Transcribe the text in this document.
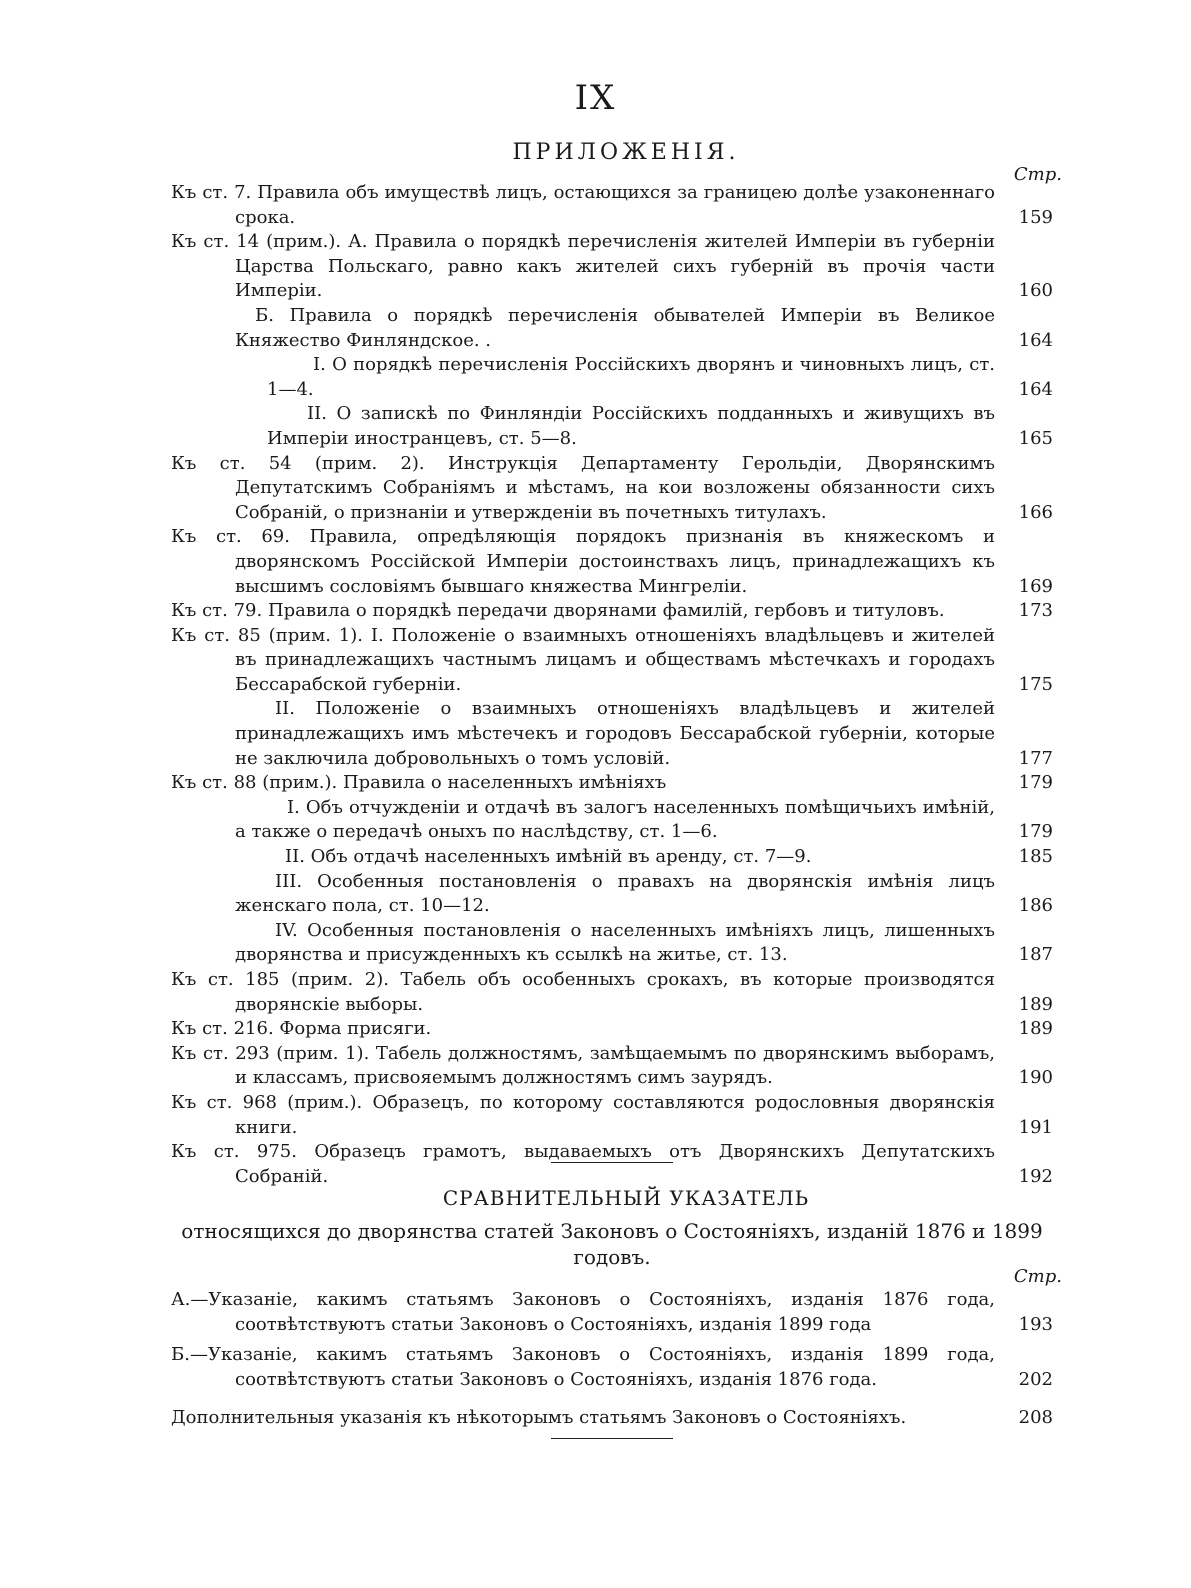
IX
ПРИЛОЖЕНІЯ.
Стр.
Къ ст. 7. Правила объ имуществѣ лицъ, остающихся за границею долѣе узаконеннаго срока.	159
Къ ст. 14 (прим.). А. Правила о порядкѣ перечисленія жителей Имперіи въ губерніи Царства Польскаго, равно какъ жителей сихъ губерній въ прочія части Имперіи.	160
Б. Правила о порядкѣ перечисленія обывателей Имперіи въ Великое Княжество Финляндское. .	164
I. О порядкѣ перечисленія Россійскихъ дворянъ и чиновныхъ лицъ, ст. 1—4.	164
II. О запискѣ по Финляндіи Россійскихъ подданныхъ и живущихъ въ Имперіи иностранцевъ, ст. 5—8.	165
Къ ст. 54 (прим. 2). Инструкція Департаменту Герольдіи, Дворянскимъ Депутатскимъ Собраніямъ и мѣстамъ, на кои возложены обязанности сихъ Собраній, о признаніи и утвержденіи въ почетныхъ титулахъ.	166
Къ ст. 69. Правила, опредѣляющія порядокъ признанія въ княжескомъ и дворянскомъ Россійской Имперіи достоинствахъ лицъ, принадлежащихъ къ высшимъ сословіямъ бывшаго княжества Мингреліи.	169
Къ ст. 79. Правила о порядкѣ передачи дворянами фамилій, гербовъ и титуловъ.	173
Къ ст. 85 (прим. 1). I. Положеніе о взаимныхъ отношеніяхъ владѣльцевъ и жителей въ принадлежащихъ частнымъ лицамъ и обществамъ мѣстечкахъ и городахъ Бессарабской губерніи.	175
II. Положеніе о взаимныхъ отношеніяхъ владѣльцевъ и жителей принадлежащихъ имъ мѣстечекъ и городовъ Бессарабской губерніи, которые не заключила добровольныхъ о томъ условій.	177
Къ ст. 88 (прим.). Правила о населенныхъ имѣніяхъ	179
I. Объ отчужденіи и отдачѣ въ залогъ населенныхъ помѣщичьихъ имѣній, а также о передачѣ оныхъ по наслѣдству, ст. 1—6.	179
II. Объ отдачѣ населенныхъ имѣній въ аренду, ст. 7—9.	185
III. Особенныя постановленія о правахъ на дворянскія имѣнія лицъ женскаго пола, ст. 10—12.	186
IV. Особенныя постановленія о населенныхъ имѣніяхъ лицъ, лишенныхъ дворянства и присужденныхъ къ ссылкѣ на житье, ст. 13.	187
Къ ст. 185 (прим. 2). Табель объ особенныхъ срокахъ, въ которые производятся дворянскіе выборы.	189
Къ ст. 216. Форма присяги.	189
Къ ст. 293 (прим. 1). Табель должностямъ, замѣщаемымъ по дворянскимъ выборамъ, и классамъ, присвояемымъ должностямъ симъ заурядъ.	190
Къ ст. 968 (прим.). Образецъ, по которому составляются родословныя дворянскія книги.	191
Къ ст. 975. Образецъ грамотъ, выдаваемыхъ отъ Дворянскихъ Депутатскихъ Собраній.	192
СРАВНИТЕЛЬНЫЙ УКАЗАТЕЛЬ
относящихся до дворянства статей Законовъ о Состояніяхъ, изданій 1876 и 1899 годовъ.
Стр.
А.—Указаніе, какимъ статьямъ Законовъ о Состояніяхъ, изданія 1876 года, соотвѣтствуютъ статьи Законовъ о Состояніяхъ, изданія 1899 года	193
Б.—Указаніе, какимъ статьямъ Законовъ о Состояніяхъ, изданія 1899 года, соотвѣтствуютъ статьи Законовъ о Состояніяхъ, изданія 1876 года.	202
Дополнительныя указанія къ нѣкоторымъ статьямъ Законовъ о Состояніяхъ.	208
